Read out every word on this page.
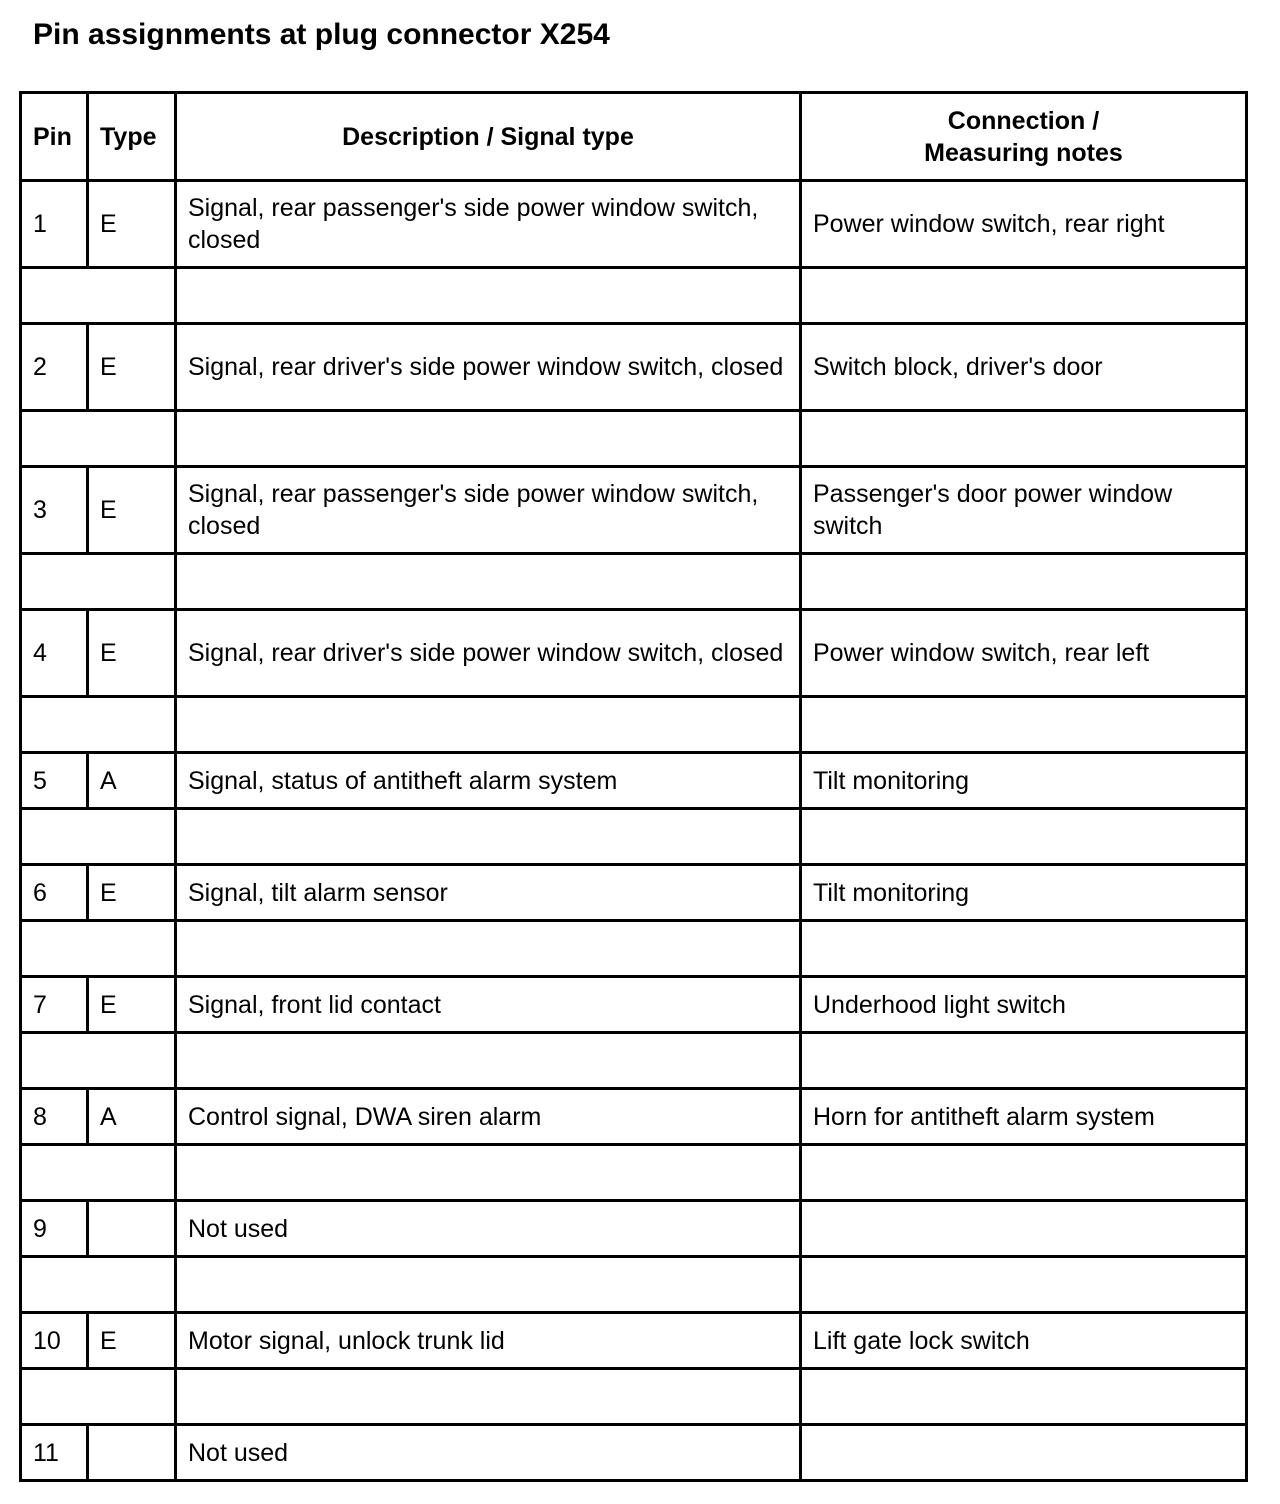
Pin assignments at plug connector X254
Pin	Type	Description / Signal type	Connection /
Measuring notes

1	E	Signal, rear passenger's side power window switch, closed	Power window switch, rear right

2	E	Signal, rear driver's side power window switch, closed	Switch block, driver's door

3	E	Signal, rear passenger's side power window switch, closed	Passenger's door power window switch

4	E	Signal, rear driver's side power window switch, closed	Power window switch, rear left

5	A	Signal, status of antitheft alarm system	Tilt monitoring

6	E	Signal, tilt alarm sensor	Tilt monitoring

7	E	Signal, front lid contact	Underhood light switch

8	A	Control signal, DWA siren alarm	Horn for antitheft alarm system

9		Not used	

10	E	Motor signal, unlock trunk lid	Lift gate lock switch

11		Not used	
